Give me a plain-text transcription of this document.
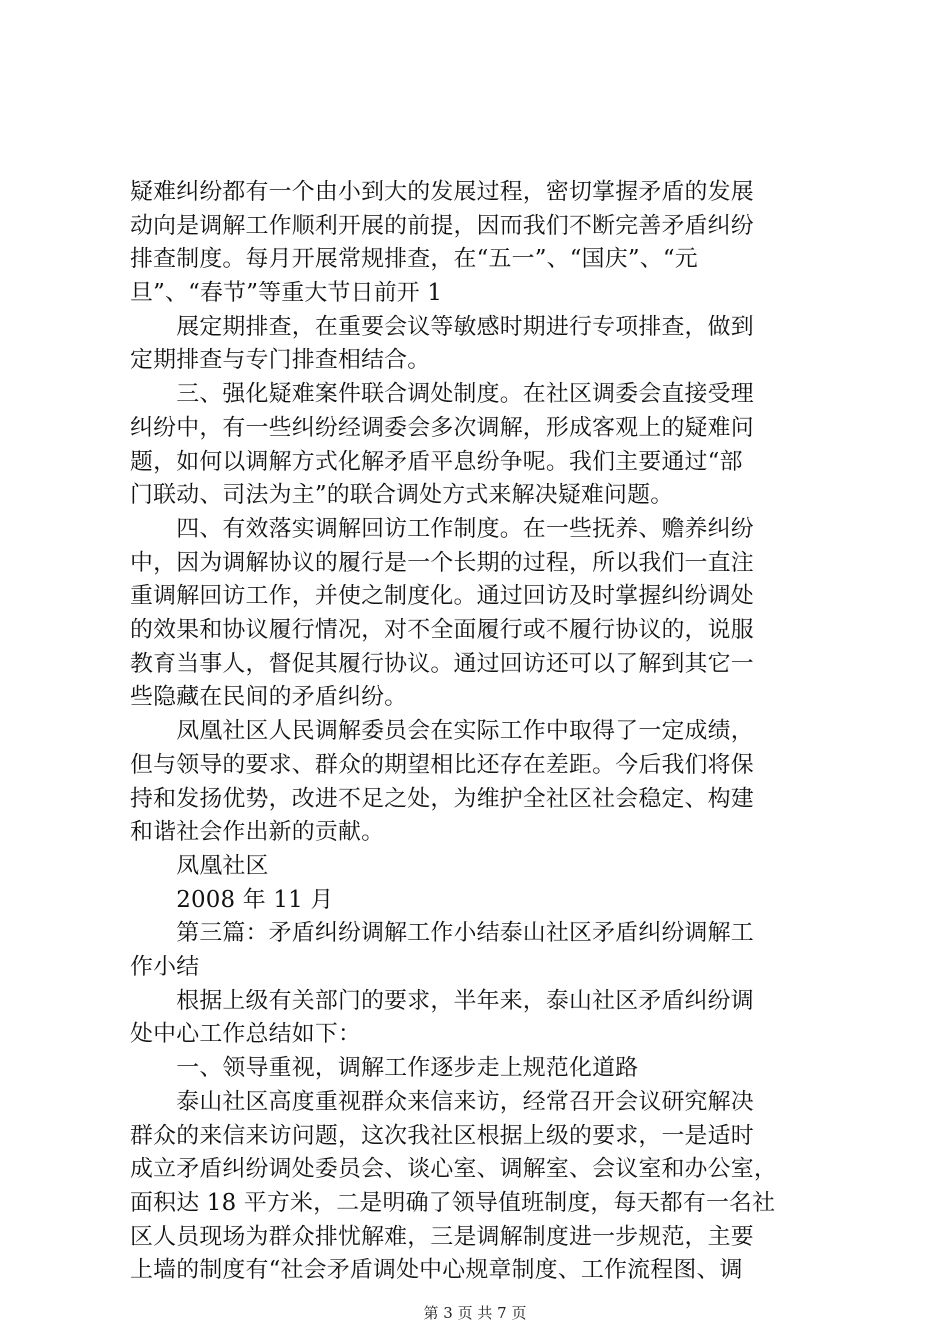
疑难纠纷都有一个由小到大的发展过程，密切掌握矛盾的发展
动向是调解工作顺利开展的前提，因而我们不断完善矛盾纠纷
排查制度。每月开展常规排查，在“五一”、“国庆”、“元
旦”、“春节”等重大节日前开 1
　　展定期排查，在重要会议等敏感时期进行专项排查，做到
定期排查与专门排查相结合。
　　三、强化疑难案件联合调处制度。在社区调委会直接受理
纠纷中，有一些纠纷经调委会多次调解，形成客观上的疑难问
题，如何以调解方式化解矛盾平息纷争呢。我们主要通过“部
门联动、司法为主”的联合调处方式来解决疑难问题。
　　四、有效落实调解回访工作制度。在一些抚养、赡养纠纷
中，因为调解协议的履行是一个长期的过程，所以我们一直注
重调解回访工作，并使之制度化。通过回访及时掌握纠纷调处
的效果和协议履行情况，对不全面履行或不履行协议的，说服
教育当事人，督促其履行协议。通过回访还可以了解到其它一
些隐藏在民间的矛盾纠纷。
　　凤凰社区人民调解委员会在实际工作中取得了一定成绩，
但与领导的要求、群众的期望相比还存在差距。今后我们将保
持和发扬优势，改进不足之处，为维护全社区社会稳定、构建
和谐社会作出新的贡献。
　　凤凰社区
　　2008 年 11 月
　　第三篇：矛盾纠纷调解工作小结泰山社区矛盾纠纷调解工
作小结
　　根据上级有关部门的要求，半年来，泰山社区矛盾纠纷调
处中心工作总结如下：
　　一、领导重视，调解工作逐步走上规范化道路
　　泰山社区高度重视群众来信来访，经常召开会议研究解决
群众的来信来访问题，这次我社区根据上级的要求，一是适时
成立矛盾纠纷调处委员会、谈心室、调解室、会议室和办公室，
面积达 18 平方米，二是明确了领导值班制度，每天都有一名社
区人员现场为群众排忧解难，三是调解制度进一步规范，主要
上墙的制度有“社会矛盾调处中心规章制度、工作流程图、调
第 3 页 共 7 页
